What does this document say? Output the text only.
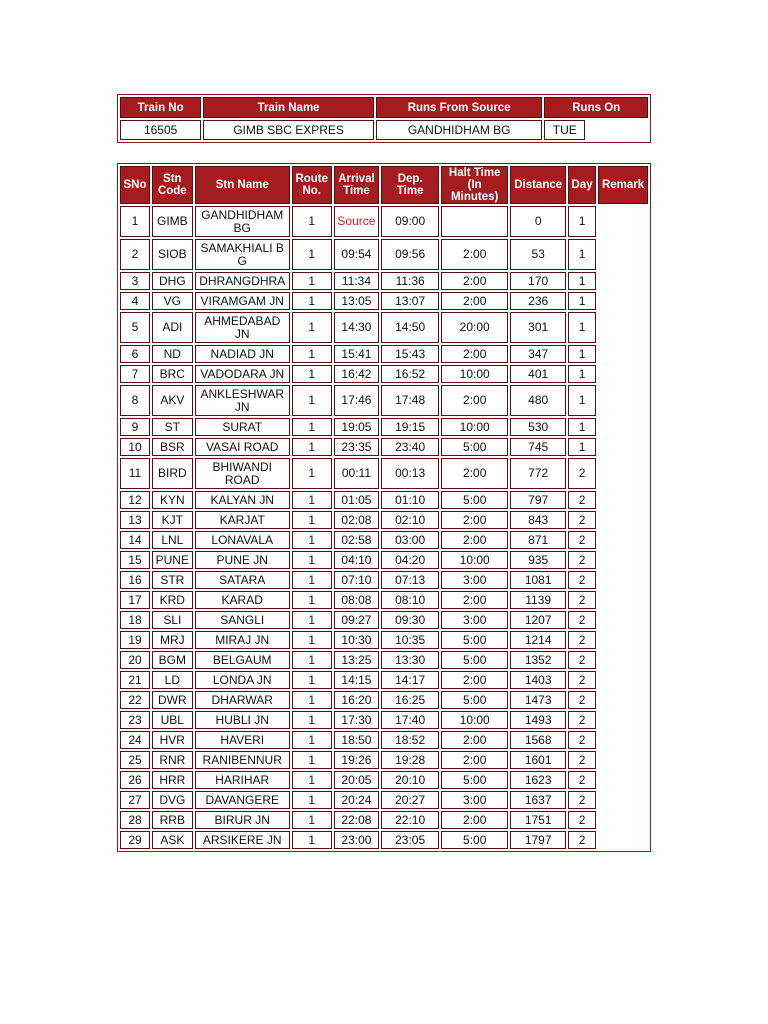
Train No	Train Name	Runs From Source	Runs On	
16505	GIMB SBC EXPRES	GANDHIDHAM BG	TUE	
SNo	Stn Code	Stn Name	Route No.	Arrival Time	Dep. Time	Halt Time (In Minutes)	Distance	Day	Remark
1	GIMB	GANDHIDHAM BG	1	Source	09:00		0	1	
2	SIOB	SAMAKHIALI B G	1	09:54	09:56	2:00	53	1	
3	DHG	DHRANGDHRA	1	11:34	11:36	2:00	170	1	
4	VG	VIRAMGAM JN	1	13:05	13:07	2:00	236	1	
5	ADI	AHMEDABAD JN	1	14:30	14:50	20:00	301	1	
6	ND	NADIAD JN	1	15:41	15:43	2:00	347	1	
7	BRC	VADODARA JN	1	16:42	16:52	10:00	401	1	
8	AKV	ANKLESHWAR JN	1	17:46	17:48	2:00	480	1	
9	ST	SURAT	1	19:05	19:15	10:00	530	1	
10	BSR	VASAI ROAD	1	23:35	23:40	5:00	745	1	
11	BIRD	BHIWANDI ROAD	1	00:11	00:13	2:00	772	2	
12	KYN	KALYAN JN	1	01:05	01:10	5:00	797	2	
13	KJT	KARJAT	1	02:08	02:10	2:00	843	2	
14	LNL	LONAVALA	1	02:58	03:00	2:00	871	2	
15	PUNE	PUNE JN	1	04:10	04:20	10:00	935	2	
16	STR	SATARA	1	07:10	07:13	3:00	1081	2	
17	KRD	KARAD	1	08:08	08:10	2:00	1139	2	
18	SLI	SANGLI	1	09:27	09:30	3:00	1207	2	
19	MRJ	MIRAJ JN	1	10:30	10:35	5:00	1214	2	
20	BGM	BELGAUM	1	13:25	13:30	5:00	1352	2	
21	LD	LONDA JN	1	14:15	14:17	2:00	1403	2	
22	DWR	DHARWAR	1	16:20	16:25	5:00	1473	2	
23	UBL	HUBLI JN	1	17:30	17:40	10:00	1493	2	
24	HVR	HAVERI	1	18:50	18:52	2:00	1568	2	
25	RNR	RANIBENNUR	1	19:26	19:28	2:00	1601	2	
26	HRR	HARIHAR	1	20:05	20:10	5:00	1623	2	
27	DVG	DAVANGERE	1	20:24	20:27	3:00	1637	2	
28	RRB	BIRUR JN	1	22:08	22:10	2:00	1751	2	
29	ASK	ARSIKERE JN	1	23:00	23:05	5:00	1797	2	
